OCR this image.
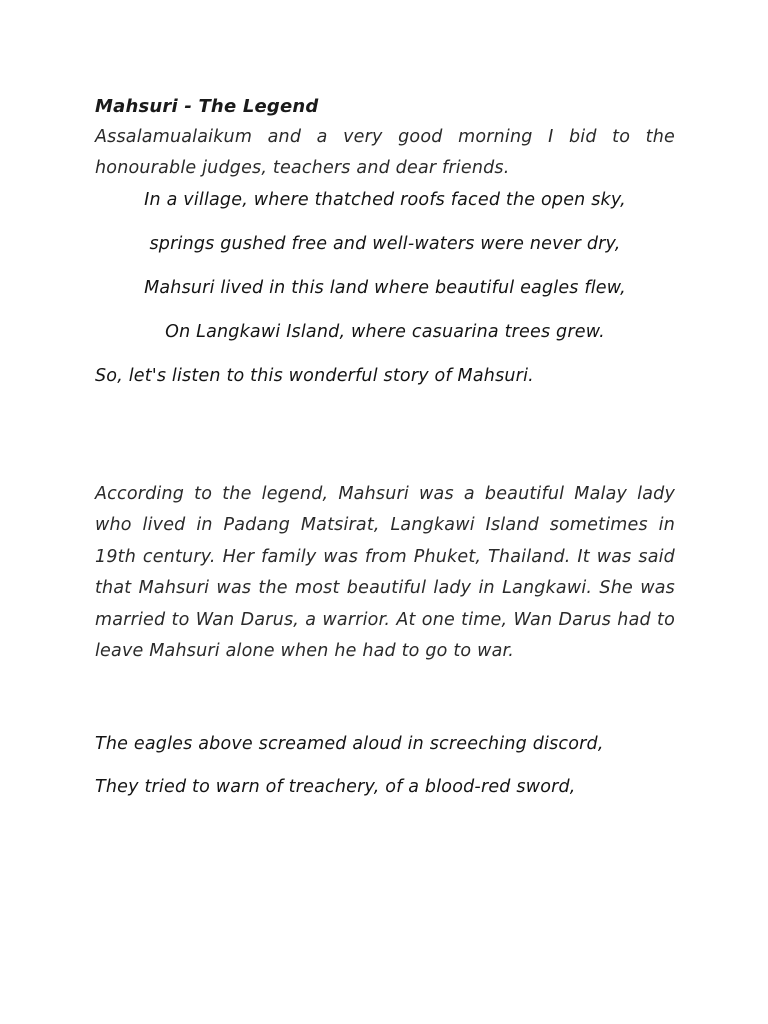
Mahsuri - The Legend

Assalamualaikum and a very good morning I bid to the honourable judges, teachers and dear friends.

In a village, where thatched roofs faced the open sky,

springs gushed free and well-waters were never dry,

Mahsuri lived in this land where beautiful eagles flew,

On Langkawi Island, where casuarina trees grew.

So, let's listen to this wonderful story of Mahsuri.

According to the legend, Mahsuri was a beautiful Malay lady who lived in Padang Matsirat, Langkawi Island sometimes in 19th century. Her family was from Phuket, Thailand. It was said that Mahsuri was the most beautiful lady in Langkawi. She was married to Wan Darus, a warrior. At one time, Wan Darus had to leave Mahsuri alone when he had to go to war.

The eagles above screamed aloud in screeching discord,

They tried to warn of treachery, of a blood-red sword,
